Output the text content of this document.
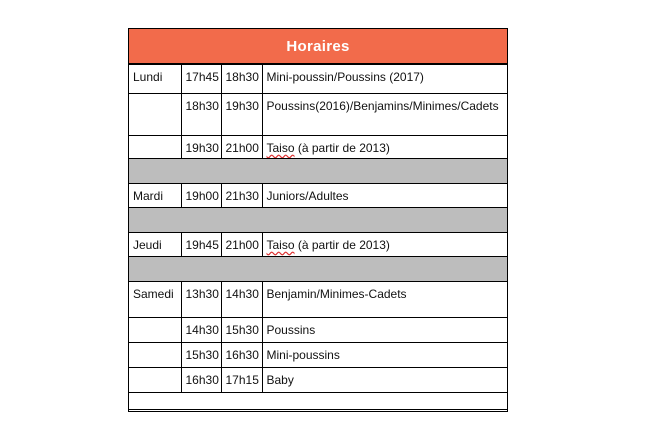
Horaires
Lundi	17h45	18h30	Mini-poussin/Poussins (2017)
	18h30	19h30	Poussins(2016)/Benjamins/Minimes/Cadets
	19h30	21h00	Taiso (à partir de 2013)

Mardi	19h00	21h30	Juniors/Adultes

Jeudi	19h45	21h00	Taiso (à partir de 2013)

Samedi	13h30	14h30	Benjamin/Minimes-Cadets
	14h30	15h30	Poussins
	15h30	16h30	Mini-poussins
	16h30	17h15	Baby
